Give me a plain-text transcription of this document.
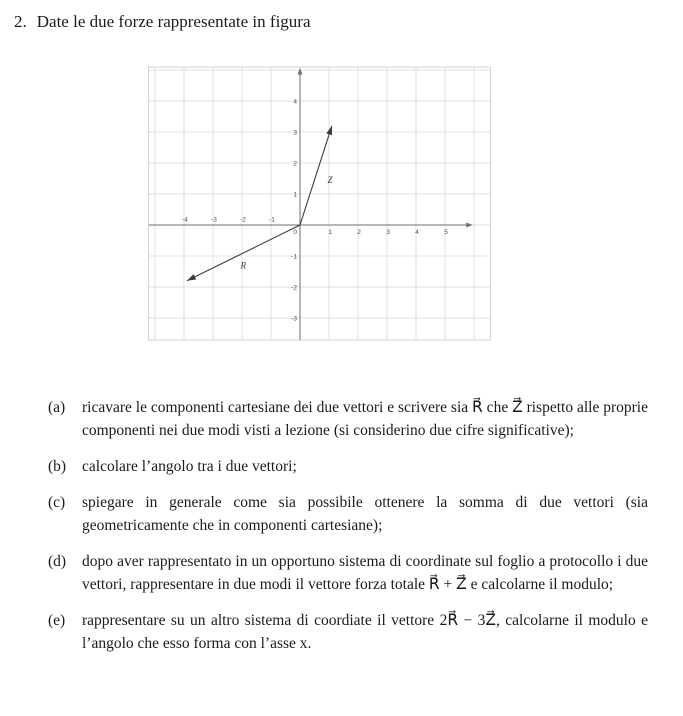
2. Date le due forze rappresentate in figura
-4	-3	-2	-1
0	1	2	3	4	5
-3
-2
-1
1
2
3
4
Z⃗
R⃗
(a)	ricavare le componenti cartesiane dei due vettori e scrivere sia R⃗ che Z⃗ rispetto alle proprie componenti nei due modi visti a lezione (si considerino due cifre significative);
(b)	calcolare l’angolo tra i due vettori;
(c)	spiegare in generale come sia possibile ottenere la somma di due vettori (sia geometricamente che in componenti cartesiane);
(d)	dopo aver rappresentato in un opportuno sistema di coordinate sul foglio a protocollo i due vettori, rappresentare in due modi il vettore forza totale R⃗ + Z⃗ e calcolarne il modulo;
(e)	rappresentare su un altro sistema di coordiate il vettore 2R⃗ − 3Z⃗, calcolarne il modulo e l’angolo che esso forma con l’asse x.
